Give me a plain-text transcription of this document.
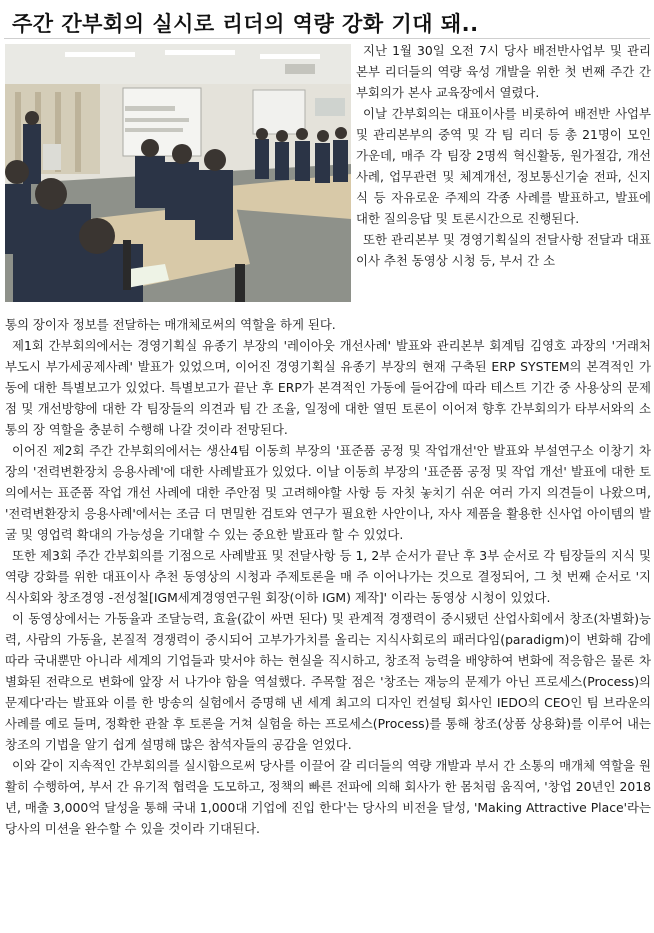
주간 간부회의 실시로 리더의 역량 강화 기대 돼..

지난 1월 30일 오전 7시 당사 배전반사업부 및 관리본부 리더들의 역량 육성 개발을 위한 첫 번째 주간 간부회의가 본사 교육장에서 열렸다.

이날 간부회의는 대표이사를 비롯하여 배전반 사업부 및 관리본부의 중역 및 각 팀 리더 등 총 21명이 모인 가운데, 매주 각 팀장 2명씩 혁신활동, 원가절감, 개선사례, 업무관련 및 체계개선, 정보통신기술 전파, 신지식 등 자유로운 주제의 각종 사례를 발표하고, 발표에 대한 질의응답 및 토론시간으로 진행된다.

또한 관리본부 및 경영기획실의 전달사항 전달과 대표이사 추천 동영상 시청 등, 부서 간 소

통의 장이자 정보를 전달하는 매개체로써의 역할을 하게 된다.

제1회 간부회의에서는 경영기획실 유종기 부장의 '레이아웃 개선사례' 발표와 관리본부 회계팀 김영호 과장의 '거래처부도시 부가세공제사례' 발표가 있었으며, 이어진 경영기획실 유종기 부장의 현재 구축된 ERP SYSTEM의 본격적인 가동에 대한 특별보고가 있었다. 특별보고가 끝난 후 ERP가 본격적인 가동에 들어감에 따라 테스트 기간 중 사용상의 문제점 및 개선방향에 대한 각 팀장들의 의견과 팀 간 조율, 일정에 대한 열띤 토론이 이어져 향후 간부회의가 타부서와의 소통의 장 역할을 충분히 수행해 나갈 것이라 전망된다.

이어진 제2회 주간 간부회의에서는 생산4팀 이동희 부장의 '표준품 공정 및 작업개선'안 발표와 부설연구소 이창기 차장의 '전력변환장치 응용사례'에 대한 사례발표가 있었다. 이날 이동희 부장의 '표준품 공정 및 작업 개선' 발표에 대한 토의에서는 표준품 작업 개선 사례에 대한 주안점 및 고려해야할 사항 등 자칫 놓치기 쉬운 여러 가지 의견들이 나왔으며, '전력변환장치 응용사례'에서는 조금 더 면밀한 검토와 연구가 필요한 사안이나, 자사 제품을 활용한 신사업 아이템의 발굴 및 영업력 확대의 가능성을 기대할 수 있는 중요한 발표라 할 수 있었다.

또한 제3회 주간 간부회의를 기점으로 사례발표 및 전달사항 등 1, 2부 순서가 끝난 후 3부 순서로 각 팀장들의 지식 및 역량 강화를 위한 대표이사 추천 동영상의 시청과 주제토론을 매 주 이어나가는 것으로 결정되어, 그 첫 번째 순서로 '지식사회와 창조경영 -전성철[IGM세계경영연구원 회장(이하 IGM) 제작]' 이라는 동영상 시청이 있었다.

이 동영상에서는 가동율과 조달능력, 효율(값이 싸면 된다) 및 관계적 경쟁력이 중시됐던 산업사회에서 창조(차별화)능력, 사람의 가동율, 본질적 경쟁력이 중시되어 고부가가치를 올리는 지식사회로의 패러다임(paradigm)이 변화해 감에 따라 국내뿐만 아니라 세계의 기업들과 맞서야 하는 현실을 직시하고, 창조적 능력을 배양하여 변화에 적응함은 물론 차별화된 전략으로 변화에 앞장 서 나가야 함을 역설했다. 주목할 점은 '창조는 재능의 문제가 아닌 프로세스(Process)의 문제다'라는 발표와 이를 한 방송의 실험에서 증명해 낸 세계 최고의 디자인 컨설팅 회사인 IEDO의 CEO인 팀 브라운의 사례를 예로 들며, 정확한 관찰 후 토론을 거쳐 실험을 하는 프로세스(Process)를 통해 창조(상품 상용화)를 이루어 내는 창조의 기법을 알기 쉽게 설명해 많은 참석자들의 공감을 얻었다.

이와 같이 지속적인 간부회의를 실시함으로써 당사를 이끌어 갈 리더들의 역량 개발과 부서 간 소통의 매개체 역할을 원활히 수행하여, 부서 간 유기적 협력을 도모하고, 정책의 빠른 전파에 의해 회사가 한 몸처럼 움직여, '창업 20년인 2018년, 매출 3,000억 달성을 통해 국내 1,000대 기업에 진입 한다'는 당사의 비전을 달성, 'Making Attractive Place'라는 당사의 미션을 완수할 수 있을 것이라 기대된다.
